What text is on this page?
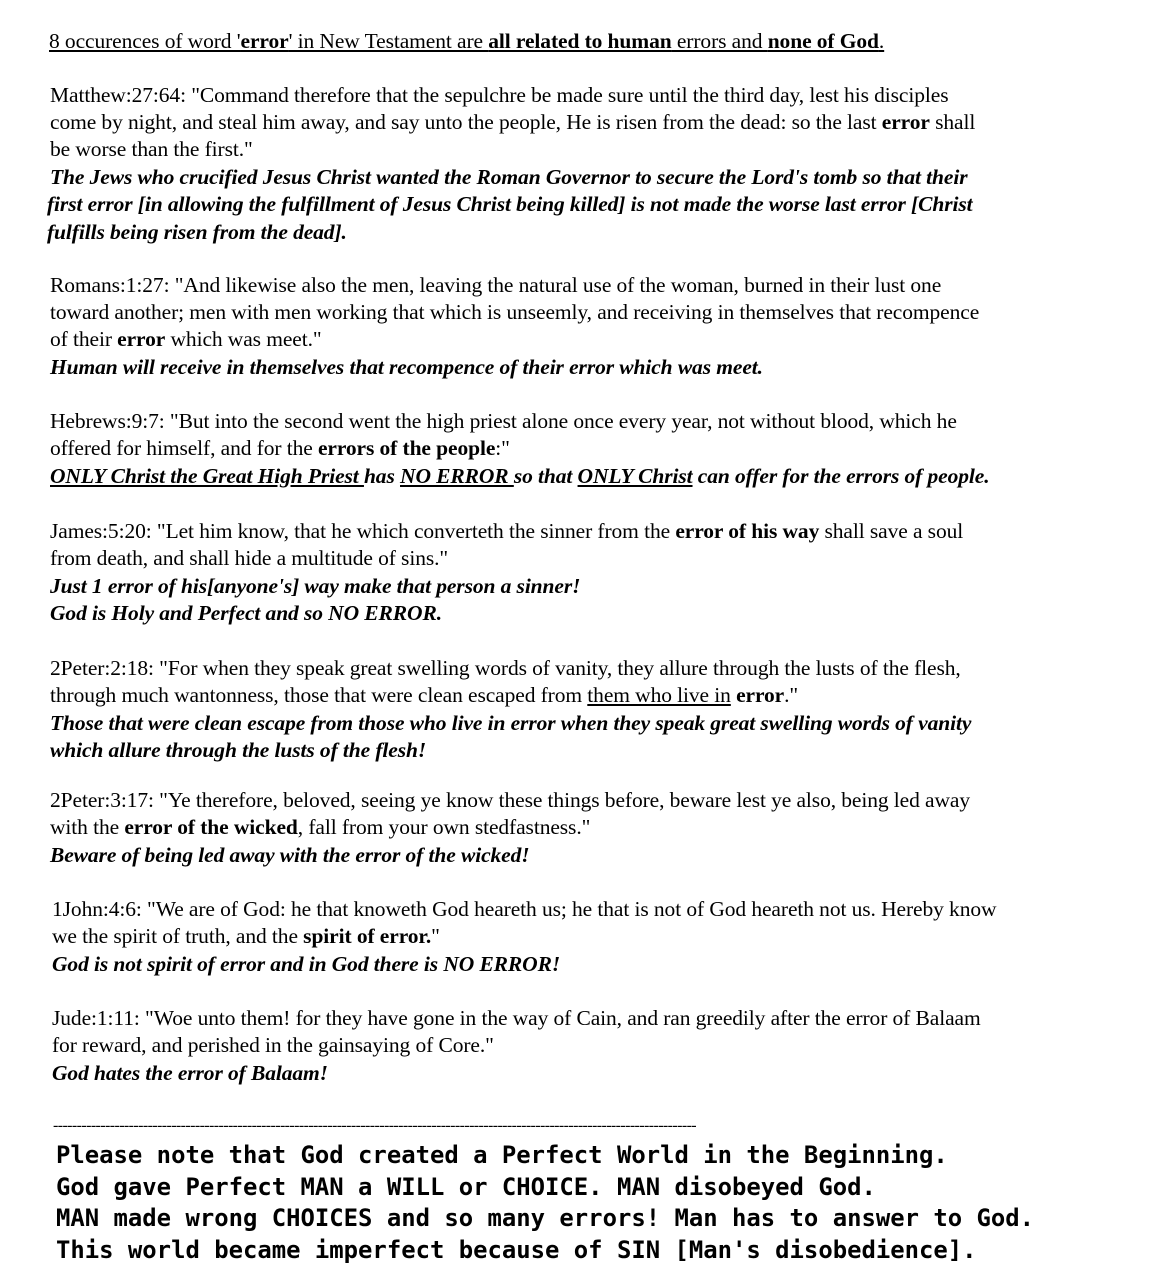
8 occurences of word 'error' in New Testament are all related to human errors and none of God.
Matthew:27:64: "Command therefore that the sepulchre be made sure until the third day, lest his disciples
come by night, and steal him away, and say unto the people, He is risen from the dead: so the last error shall
be worse than the first."
The Jews who crucified Jesus Christ wanted the Roman Governor to secure the Lord's tomb so that their
first error [in allowing the fulfillment of Jesus Christ being killed] is not made the worse last error [Christ
fulfills being risen from the dead].
Romans:1:27: "And likewise also the men, leaving the natural use of the woman, burned in their lust one
toward another; men with men working that which is unseemly, and receiving in themselves that recompence
of their error which was meet."
Human will receive in themselves that recompence of their error which was meet.
Hebrews:9:7: "But into the second went the high priest alone once every year, not without blood, which he
offered for himself, and for the errors of the people:"
ONLY Christ the Great High Priest has NO ERROR so that ONLY Christ can offer for the errors of people.
James:5:20: "Let him know, that he which converteth the sinner from the error of his way shall save a soul
from death, and shall hide a multitude of sins."
Just 1 error of his[anyone's] way make that person a sinner!
God is Holy and Perfect and so NO ERROR.
2Peter:2:18: "For when they speak great swelling words of vanity, they allure through the lusts of the flesh,
through much wantonness, those that were clean escaped from them who live in error."
Those that were clean escape from those who live in error when they speak great swelling words of vanity
which allure through the lusts of the flesh!
2Peter:3:17: "Ye therefore, beloved, seeing ye know these things before, beware lest ye also, being led away
with the error of the wicked, fall from your own stedfastness."
Beware of being led away with the error of the wicked!
1John:4:6: "We are of God: he that knoweth God heareth us; he that is not of God heareth not us. Hereby know
we the spirit of truth, and the spirit of error."
God is not spirit of error and in God there is NO ERROR!
Jude:1:11: "Woe unto them! for they have gone in the way of Cain, and ran greedily after the error of Balaam
for reward, and perished in the gainsaying of Core."
God hates the error of Balaam!
----------------------------------------------------------------------------------------------------------------------------------------
Please note that God created a Perfect World in the Beginning.
God gave Perfect MAN a WILL or CHOICE. MAN disobeyed God.
MAN made wrong CHOICES and so many errors! Man has to answer to God.
This world became imperfect because of SIN [Man's disobedience].
